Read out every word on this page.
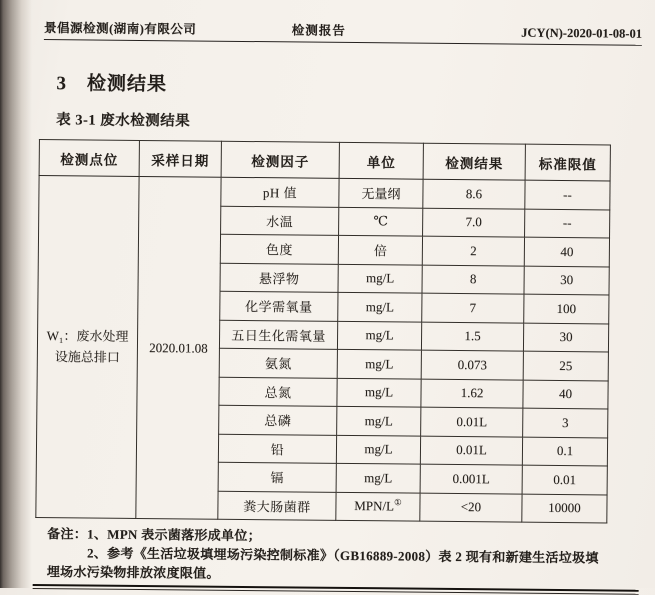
景倡源检测(湖南)有限公司	检测报告	JCY(N)-2020-01-08-01
3 检测结果
表 3-1 废水检测结果
检测点位	采样日期	检测因子	单位	检测结果	标准限值

W₁：废水处理
设施总排口	2020.01.08	pH 值	无量纲	8.6	--
		水温	℃	7.0	--
		色度	倍	2	40
		悬浮物	mg/L	8	30
		化学需氧量	mg/L	7	100
		五日生化需氧量	mg/L	1.5	30
		氨氮	mg/L	0.073	25
		总氮	mg/L	1.62	40
		总磷	mg/L	0.01L	3
		铅	mg/L	0.01L	0.1
		镉	mg/L	0.001L	0.01
		粪大肠菌群	MPN/L①	<20	10000
备注：1、MPN 表示菌落形成单位；
2、参考《生活垃圾填埋场污染控制标准》（GB16889-2008）表 2 现有和新建生活垃圾填
埋场水污染物排放浓度限值。
